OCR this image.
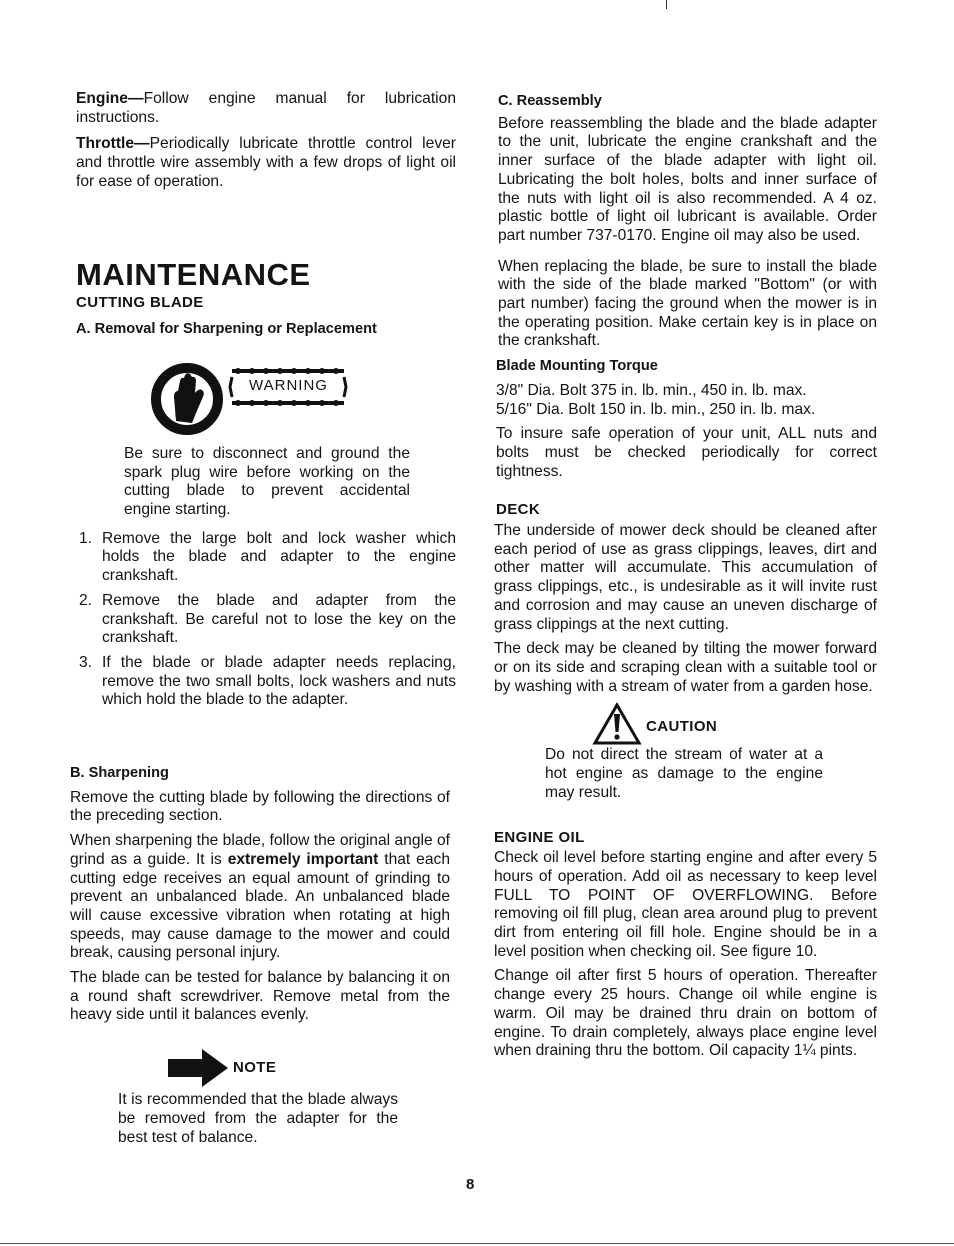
Engine—Follow engine manual for lubrication instructions.

Throttle—Periodically lubricate throttle control lever and throttle wire assembly with a few drops of light oil for ease of operation.

MAINTENANCE
CUTTING BLADE
A. Removal for Sharpening or Replacement
WARNING

Be sure to disconnect and ground the spark plug wire before working on the cutting blade to prevent accidental engine starting.

1. Remove the large bolt and lock washer which holds the blade and adapter to the engine crankshaft.
2. Remove the blade and adapter from the crankshaft. Be careful not to lose the key on the crankshaft.
3. If the blade or blade adapter needs replacing, remove the two small bolts, lock washers and nuts which hold the blade to the adapter.
B. Sharpening

Remove the cutting blade by following the directions of the preceding section.

When sharpening the blade, follow the original angle of grind as a guide. It is extremely important that each cutting edge receives an equal amount of grinding to prevent an unbalanced blade. An unbalanced blade will cause excessive vibration when rotating at high speeds, may cause damage to the mower and could break, causing personal injury.

The blade can be tested for balance by balancing it on a round shaft screwdriver. Remove metal from the heavy side until it balances evenly.

NOTE

It is recommended that the blade always be removed from the adapter for the best test of balance.

C. Reassembly

Before reassembling the blade and the blade adapter to the unit, lubricate the engine crankshaft and the inner surface of the blade adapter with light oil. Lubricating the bolt holes, bolts and inner surface of the nuts with light oil is also recommended. A 4 oz. plastic bottle of light oil lubricant is available. Order part number 737-0170. Engine oil may also be used.

When replacing the blade, be sure to install the blade with the side of the blade marked "Bottom" (or with part number) facing the ground when the mower is in the operating position. Make certain key is in place on the crankshaft.

Blade Mounting Torque

3/8" Dia. Bolt 375 in. lb. min., 450 in. lb. max.

5/16" Dia. Bolt 150 in. lb. min., 250 in. lb. max.

To insure safe operation of your unit, ALL nuts and bolts must be checked periodically for correct tightness.

DECK

The underside of mower deck should be cleaned after each period of use as grass clippings, leaves, dirt and other matter will accumulate. This accumulation of grass clippings, etc., is undesirable as it will invite rust and corrosion and may cause an uneven discharge of grass clippings at the next cutting.

The deck may be cleaned by tilting the mower forward or on its side and scraping clean with a suitable tool or by washing with a stream of water from a garden hose.

CAUTION

Do not direct the stream of water at a hot engine as damage to the engine may result.

ENGINE OIL

Check oil level before starting engine and after every 5 hours of operation. Add oil as necessary to keep level FULL TO POINT OF OVERFLOWING. Before removing oil fill plug, clean area around plug to prevent dirt from entering oil fill hole. Engine should be in a level position when checking oil. See figure 10.

Change oil after first 5 hours of operation. Thereafter change every 25 hours. Change oil while engine is warm. Oil may be drained thru drain on bottom of engine. To drain completely, always place engine level when draining thru the bottom. Oil capacity 1¼ pints.

8
